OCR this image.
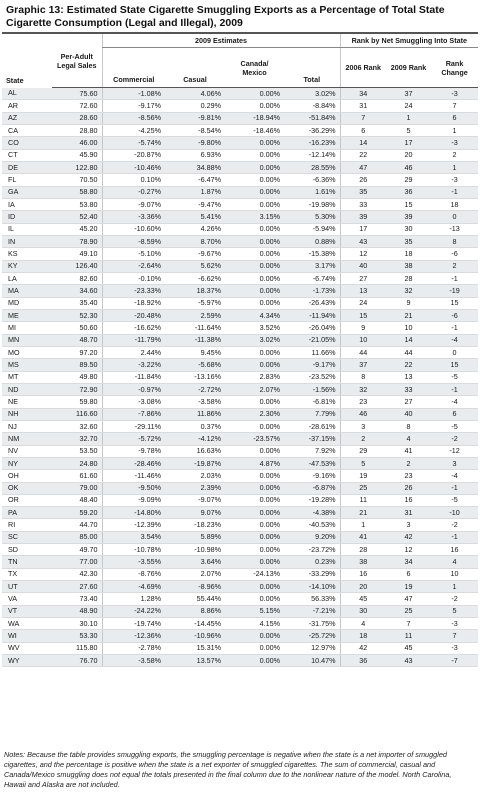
Graphic 13: Estimated State Cigarette Smuggling Exports as a Percentage of Total State Cigarette Consumption (Legal and Illegal), 2009
State	Per-Adult Legal Sales	2009 Estimates				Rank by Net Smuggling Into State		
		Commercial	Casual	Canada/ Mexico	Total	2006 Rank	2009 Rank	Rank Change
AL	75.60	-1.08%	4.06%	0.00%	3.02%	34	37	-3
AR	72.60	-9.17%	0.29%	0.00%	-8.84%	31	24	7
AZ	28.60	-8.56%	-9.81%	-18.94%	-51.84%	7	1	6
CA	28.80	-4.25%	-8.54%	-18.46%	-36.29%	6	5	1
CO	46.00	-5.74%	-9.80%	0.00%	-16.23%	14	17	-3
CT	45.90	-20.87%	6.93%	0.00%	-12.14%	22	20	2
DE	122.80	-10.46%	34.88%	0.00%	28.55%	47	46	1
FL	70.50	0.10%	-6.47%	0.00%	-6.36%	26	29	-3
GA	58.80	-0.27%	1.87%	0.00%	1.61%	35	36	-1
IA	53.80	-9.07%	-9.47%	0.00%	-19.98%	33	15	18
ID	52.40	-3.36%	5.41%	3.15%	5.30%	39	39	0
IL	45.20	-10.60%	4.26%	0.00%	-5.94%	17	30	-13
IN	78.90	-8.59%	8.70%	0.00%	0.88%	43	35	8
KS	49.10	-5.10%	-9.67%	0.00%	-15.38%	12	18	-6
KY	126.40	-2.64%	5.62%	0.00%	3.17%	40	38	2
LA	82.60	-0.10%	-6.62%	0.00%	-6.74%	27	28	-1
MA	34.60	-23.33%	18.37%	0.00%	-1.73%	13	32	-19
MD	35.40	-18.92%	-5.97%	0.00%	-26.43%	24	9	15
ME	52.30	-20.48%	2.59%	4.34%	-11.94%	15	21	-6
MI	50.60	-16.62%	-11.64%	3.52%	-26.04%	9	10	-1
MN	48.70	-11.79%	-11.38%	3.02%	-21.05%	10	14	-4
MO	97.20	2.44%	9.45%	0.00%	11.66%	44	44	0
MS	89.50	-3.22%	-5.68%	0.00%	-9.17%	37	22	15
MT	49.80	-11.84%	-13.16%	2.83%	-23.52%	8	13	-5
ND	72.90	-0.97%	-2.72%	2.07%	-1.56%	32	33	-1
NE	59.80	-3.08%	-3.58%	0.00%	-6.81%	23	27	-4
NH	116.60	-7.86%	11.86%	2.30%	7.79%	46	40	6
NJ	32.60	-29.11%	0.37%	0.00%	-28.61%	3	8	-5
NM	32.70	-5.72%	-4.12%	-23.57%	-37.15%	2	4	-2
NV	53.50	-9.78%	16.63%	0.00%	7.92%	29	41	-12
NY	24.80	-28.46%	-19.87%	4.87%	-47.53%	5	2	3
OH	61.60	-11.46%	2.03%	0.00%	-9.16%	19	23	-4
OK	79.00	-9.50%	2.39%	0.00%	-6.87%	25	26	-1
OR	48.40	-9.09%	-9.07%	0.00%	-19.28%	11	16	-5
PA	59.20	-14.80%	9.07%	0.00%	-4.38%	21	31	-10
RI	44.70	-12.39%	-18.23%	0.00%	-40.53%	1	3	-2
SC	85.00	3.54%	5.89%	0.00%	9.20%	41	42	-1
SD	49.70	-10.78%	-10.98%	0.00%	-23.72%	28	12	16
TN	77.00	-3.55%	3.64%	0.00%	0.23%	38	34	4
TX	42.30	-8.76%	2.07%	-24.13%	-33.29%	16	6	10
UT	27.60	-4.69%	-8.96%	0.00%	-14.10%	20	19	1
VA	73.40	1.28%	55.44%	0.00%	56.33%	45	47	-2
VT	48.90	-24.22%	8.86%	5.15%	-7.21%	30	25	5
WA	30.10	-19.74%	-14.45%	4.15%	-31.75%	4	7	-3
WI	53.30	-12.36%	-10.96%	0.00%	-25.72%	18	11	7
WV	115.80	-2.78%	15.31%	0.00%	12.97%	42	45	-3
WY	76.70	-3.58%	13.57%	0.00%	10.47%	36	43	-7

Notes: Because the table provides smuggling exports, the smuggling percentage is negative when the state is a net importer of smuggled cigarettes, and the percentage is positive when the state is a net exporter of smuggled cigarettes. The sum of commercial, casual and Canada/Mexico smuggling does not equal the totals presented in the final column due to the nonlinear nature of the model. North Carolina, Hawaii and Alaska are not included.
